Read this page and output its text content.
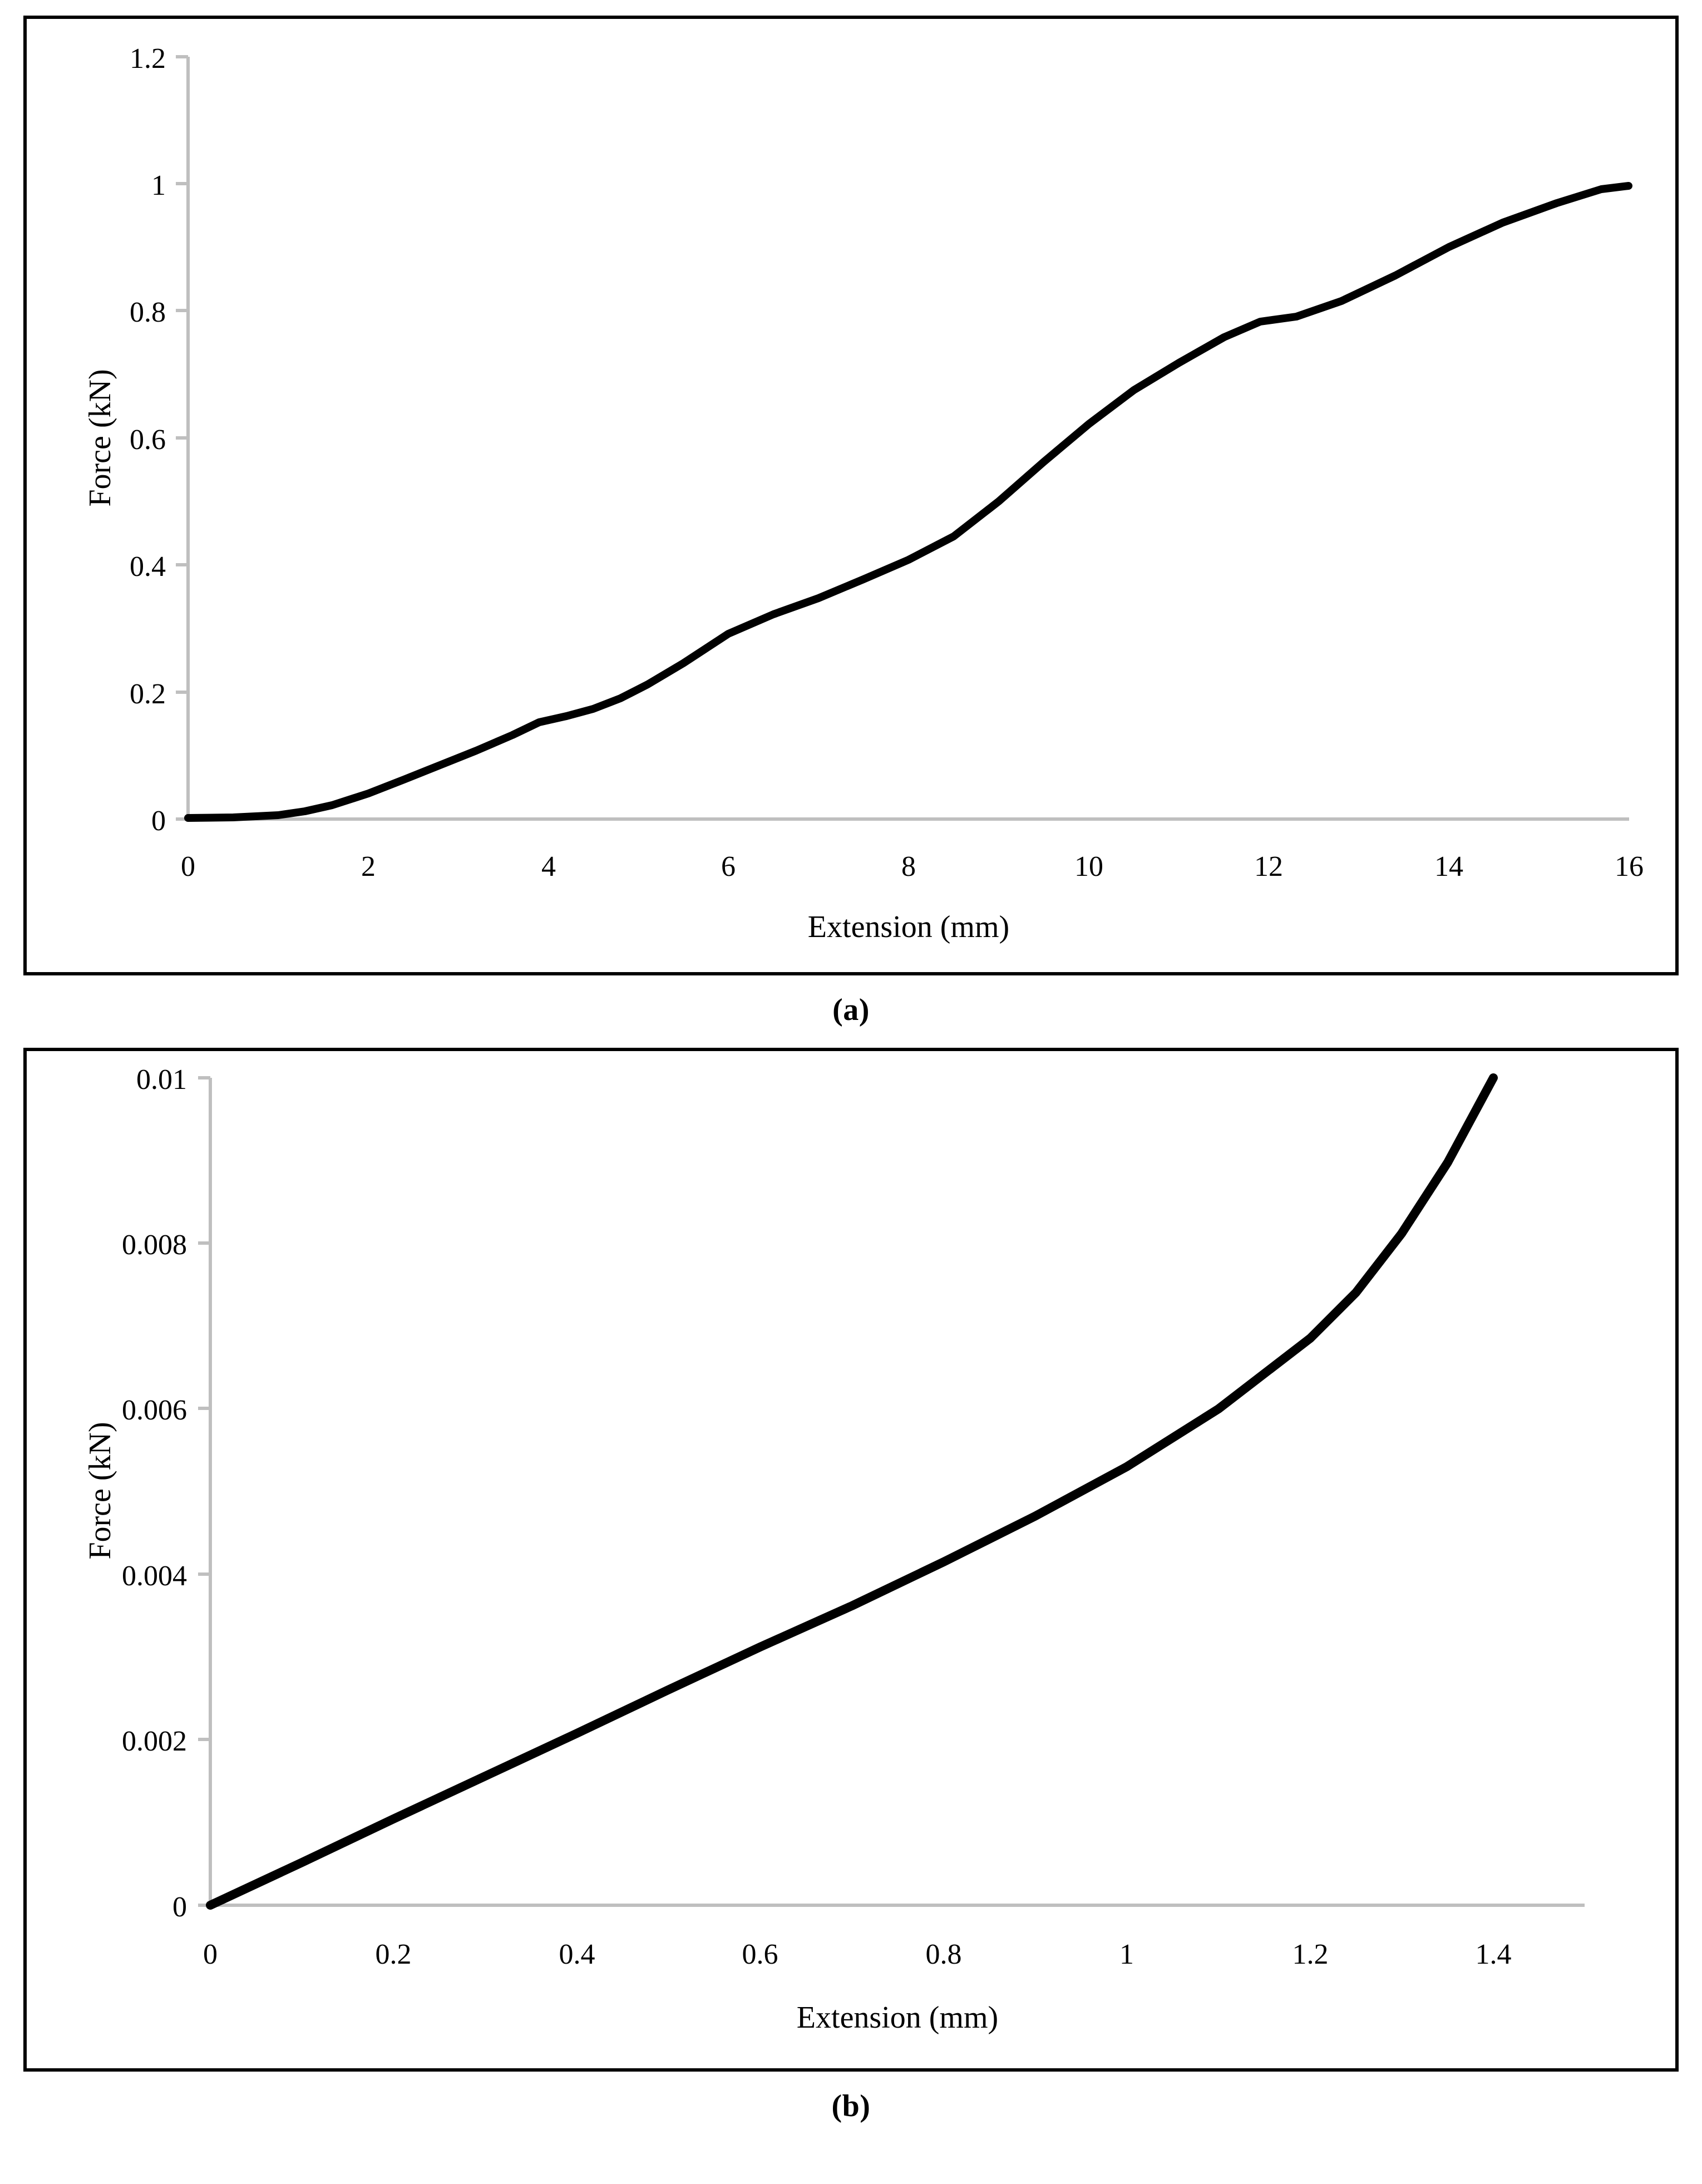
1.2
1
0.8
0.6
0.4
0.2
0
0	2	4	6	8	10	12	14	16
Extension (mm)
Force (kN)
(a)
0.01
0.008
0.006
0.004
0.002
0
0	0.2	0.4	0.6	0.8	1	1.2	1.4
Extension (mm)
Force (kN)
(b)
